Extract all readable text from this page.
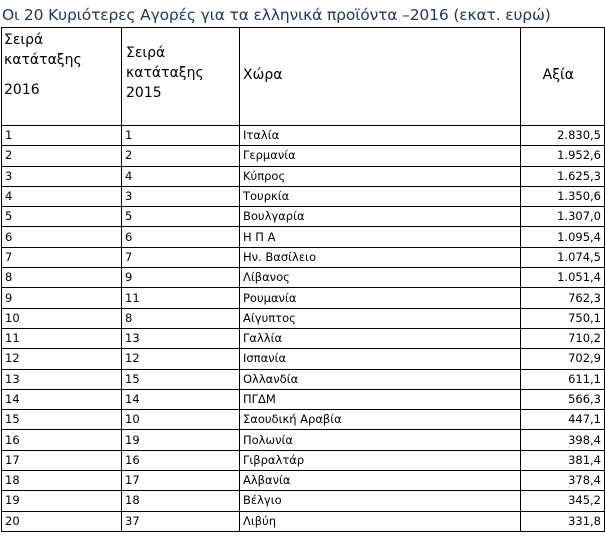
Οι 20 Κυριότερες Αγορές για τα ελληνικά προϊόντα –2016 (εκατ. ευρώ)
Σειρά κατάταξης
2016	Σειρά κατάταξης 2015	Χώρα	Αξία

1	1	Ιταλία	2.830,5
2	2	Γερμανία	1.952,6
3	4	Κύπρος	1.625,3
4	3	Τουρκία	1.350,6
5	5	Βουλγαρία	1.307,0
6	6	Η Π Α	1.095,4
7	7	Ην. Βασίλειο	1.074,5
8	9	Λίβανος	1.051,4
9	11	Ρουμανία	762,3
10	8	Αίγυπτος	750,1
11	13	Γαλλία	710,2
12	12	Ισπανία	702,9
13	15	Ολλανδία	611,1
14	14	ΠΓΔΜ	566,3
15	10	Σαουδική Αραβία	447,1
16	19	Πολωνία	398,4
17	16	Γιβραλτάρ	381,4
18	17	Αλβανία	378,4
19	18	Βέλγιο	345,2
20	37	Λιβύη	331,8
